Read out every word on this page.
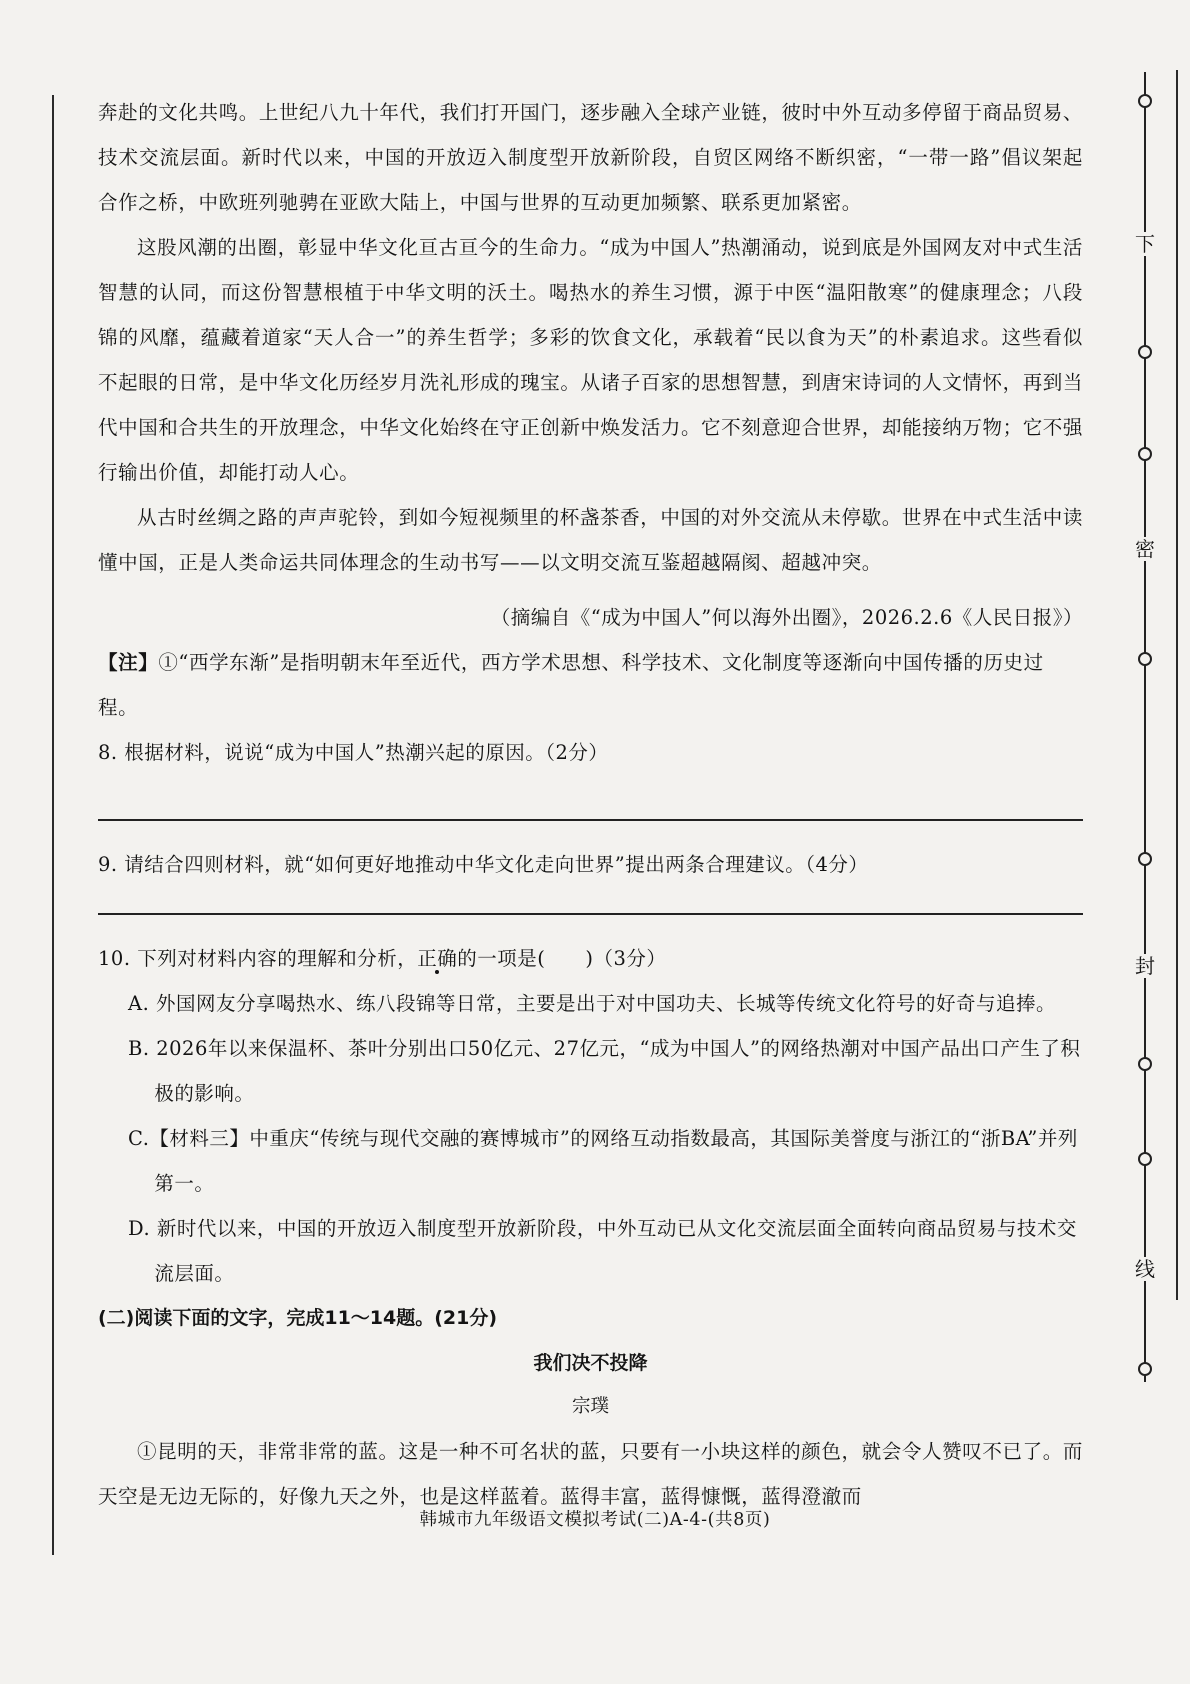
奔赴的文化共鸣。上世纪八九十年代，我们打开国门，逐步融入全球产业链，彼时中外互动多停留于商品贸易、技术交流层面。新时代以来，中国的开放迈入制度型开放新阶段，自贸区网络不断织密，“一带一路”倡议架起合作之桥，中欧班列驰骋在亚欧大陆上，中国与世界的互动更加频繁、联系更加紧密。

这股风潮的出圈，彰显中华文化亘古亘今的生命力。“成为中国人”热潮涌动，说到底是外国网友对中式生活智慧的认同，而这份智慧根植于中华文明的沃土。喝热水的养生习惯，源于中医“温阳散寒”的健康理念；八段锦的风靡，蕴藏着道家“天人合一”的养生哲学；多彩的饮食文化，承载着“民以食为天”的朴素追求。这些看似不起眼的日常，是中华文化历经岁月洗礼形成的瑰宝。从诸子百家的思想智慧，到唐宋诗词的人文情怀，再到当代中国和合共生的开放理念，中华文化始终在守正创新中焕发活力。它不刻意迎合世界，却能接纳万物；它不强行输出价值，却能打动人心。

从古时丝绸之路的声声驼铃，到如今短视频里的杯盏茶香，中国的对外交流从未停歇。世界在中式生活中读懂中国，正是人类命运共同体理念的生动书写——以文明交流互鉴超越隔阂、超越冲突。

（摘编自《“成为中国人”何以海外出圈》，2026.2.6《人民日报》）

【注】①“西学东渐”是指明朝末年至近代，西方学术思想、科学技术、文化制度等逐渐向中国传播的历史过程。

8. 根据材料，说说“成为中国人”热潮兴起的原因。（2分）

9. 请结合四则材料，就“如何更好地推动中华文化走向世界”提出两条合理建议。（4分）

10. 下列对材料内容的理解和分析，正确的一项是(　　)（3分）

A. 外国网友分享喝热水、练八段锦等日常，主要是出于对中国功夫、长城等传统文化符号的好奇与追捧。

B. 2026年以来保温杯、茶叶分别出口50亿元、27亿元，“成为中国人”的网络热潮对中国产品出口产生了积极的影响。

C.【材料三】中重庆“传统与现代交融的赛博城市”的网络互动指数最高，其国际美誉度与浙江的“浙BA”并列第一。

D. 新时代以来，中国的开放迈入制度型开放新阶段，中外互动已从文化交流层面全面转向商品贸易与技术交流层面。

(二)阅读下面的文字，完成11～14题。(21分)

我们决不投降

宗璞

①昆明的天，非常非常的蓝。这是一种不可名状的蓝，只要有一小块这样的颜色，就会令人赞叹不已了。而天空是无边无际的，好像九天之外，也是这样蓝着。蓝得丰富，蓝得慷慨，蓝得澄澈而

韩城市九年级语文模拟考试(二)A-4-(共8页)
下
密
封
线
